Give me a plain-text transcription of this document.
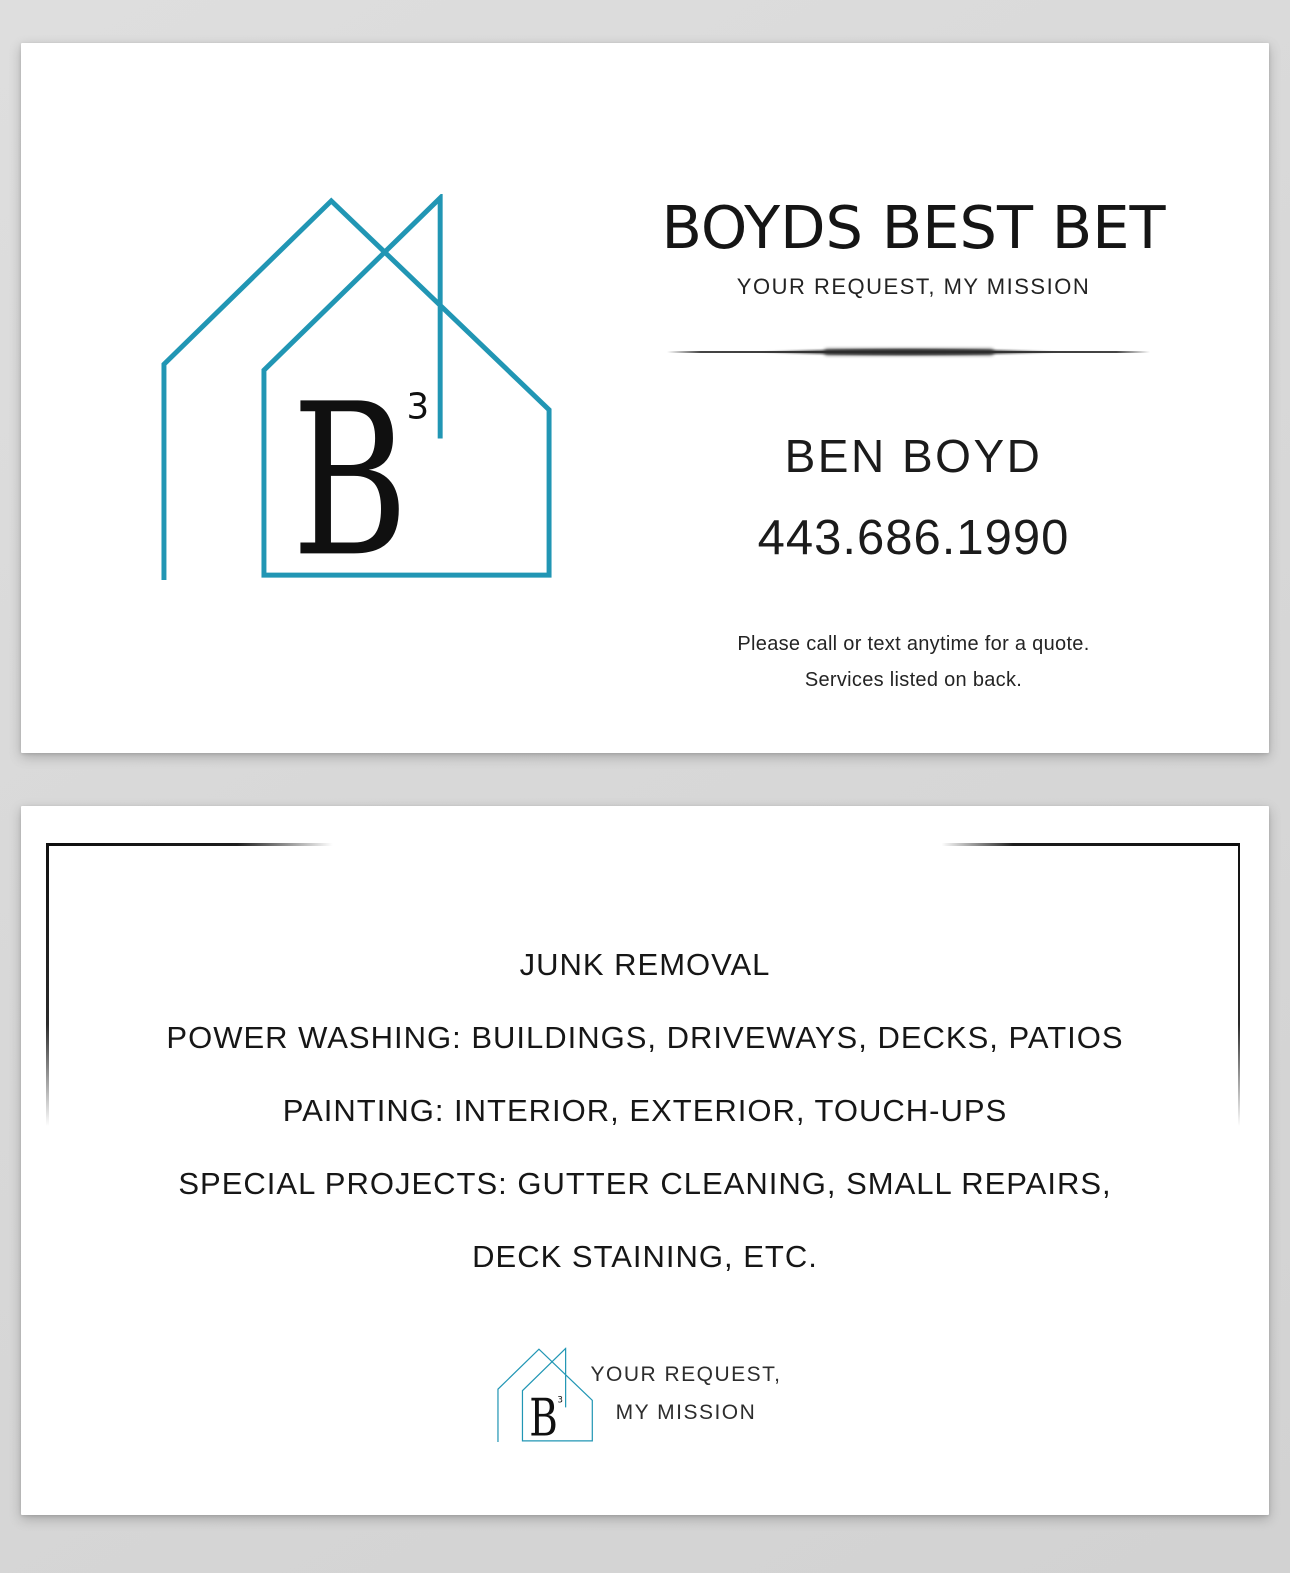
BOYDS BEST BET
YOUR REQUEST, MY MISSION
BEN BOYD
443.686.1990
Please call or text anytime for a quote.
Services listed on back.
JUNK REMOVAL
POWER WASHING: BUILDINGS, DRIVEWAYS, DECKS, PATIOS
PAINTING: INTERIOR, EXTERIOR, TOUCH-UPS
SPECIAL PROJECTS: GUTTER CLEANING, SMALL REPAIRS,
DECK STAINING, ETC.
YOUR REQUEST,
MY MISSION
